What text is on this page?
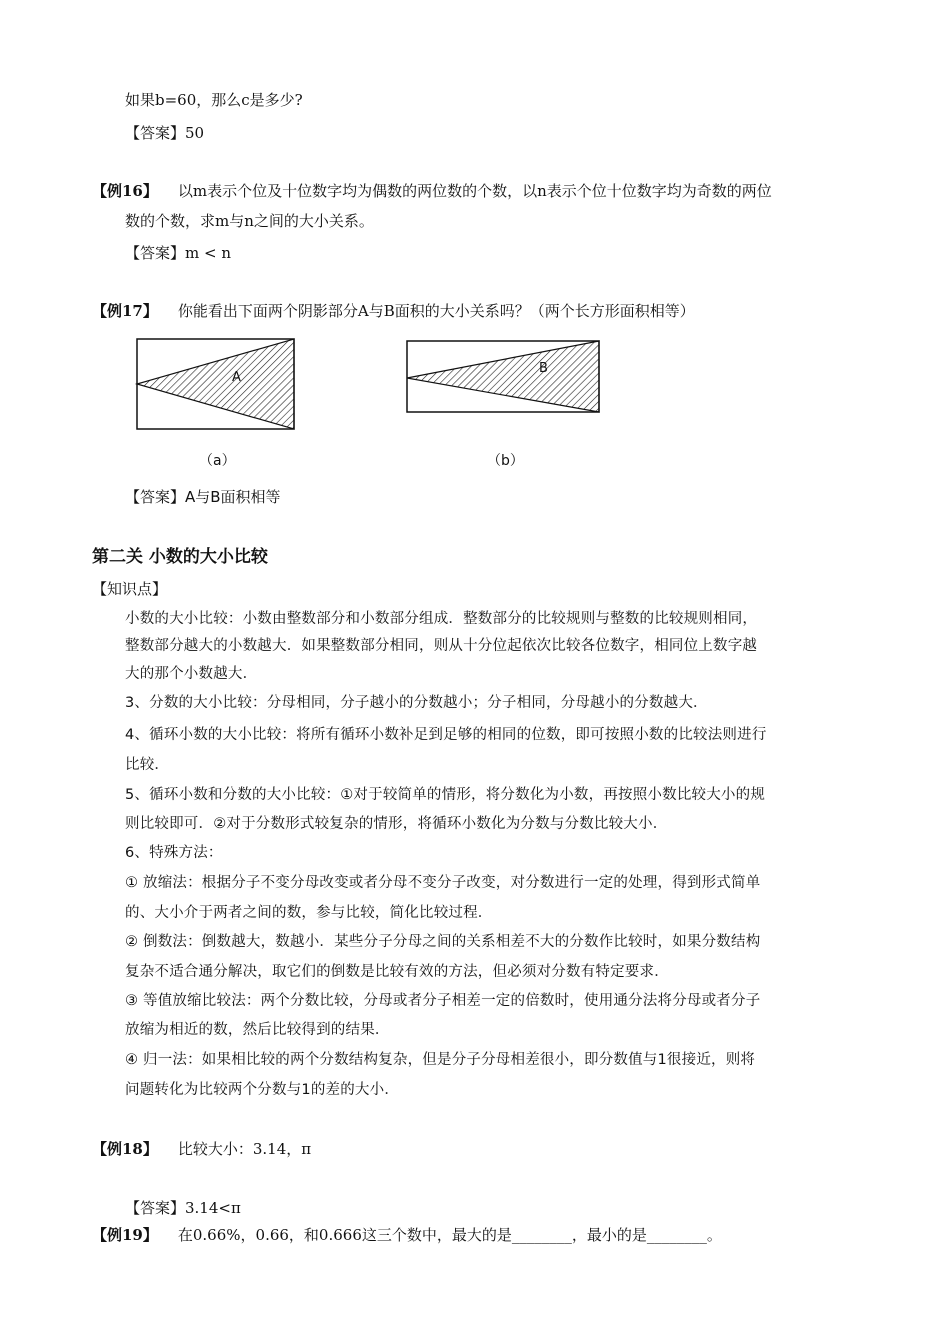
如果b=60，那么c是多少?
【答案】50
【例16】 以m表示个位及十位数字均为偶数的两位数的个数，以n表示个位十位数字均为奇数的两位
数的个数，求m与n之间的大小关系。
【答案】m < n
【例17】 你能看出下面两个阴影部分A与B面积的大小关系吗？（两个长方形面积相等）
A
B
（a）	（b）
【答案】A与B面积相等
第二关 小数的大小比较
【知识点】
小数的大小比较：小数由整数部分和小数部分组成．整数部分的比较规则与整数的比较规则相同，
整数部分越大的小数越大．如果整数部分相同，则从十分位起依次比较各位数字，相同位上数字越
大的那个小数越大．
3、分数的大小比较：分母相同，分子越小的分数越小；分子相同，分母越小的分数越大．
4、循环小数的大小比较：将所有循环小数补足到足够的相同的位数，即可按照小数的比较法则进行
比较．
5、循环小数和分数的大小比较：①对于较简单的情形，将分数化为小数，再按照小数比较大小的规
则比较即可．②对于分数形式较复杂的情形，将循环小数化为分数与分数比较大小．
6、特殊方法：
① 放缩法：根据分子不变分母改变或者分母不变分子改变，对分数进行一定的处理，得到形式简单
的、大小介于两者之间的数，参与比较，简化比较过程．
② 倒数法：倒数越大，数越小．某些分子分母之间的关系相差不大的分数作比较时，如果分数结构
复杂不适合通分解决，取它们的倒数是比较有效的方法，但必须对分数有特定要求．
③ 等值放缩比较法：两个分数比较，分母或者分子相差一定的倍数时，使用通分法将分母或者分子
放缩为相近的数，然后比较得到的结果．
④ 归一法：如果相比较的两个分数结构复杂，但是分子分母相差很小，即分数值与1很接近，则将
问题转化为比较两个分数与1的差的大小．
【例18】 比较大小：3.14，π
【答案】3.14<π
【例19】 在0.66%，0.66，和0.666这三个数中，最大的是________，最小的是________。
